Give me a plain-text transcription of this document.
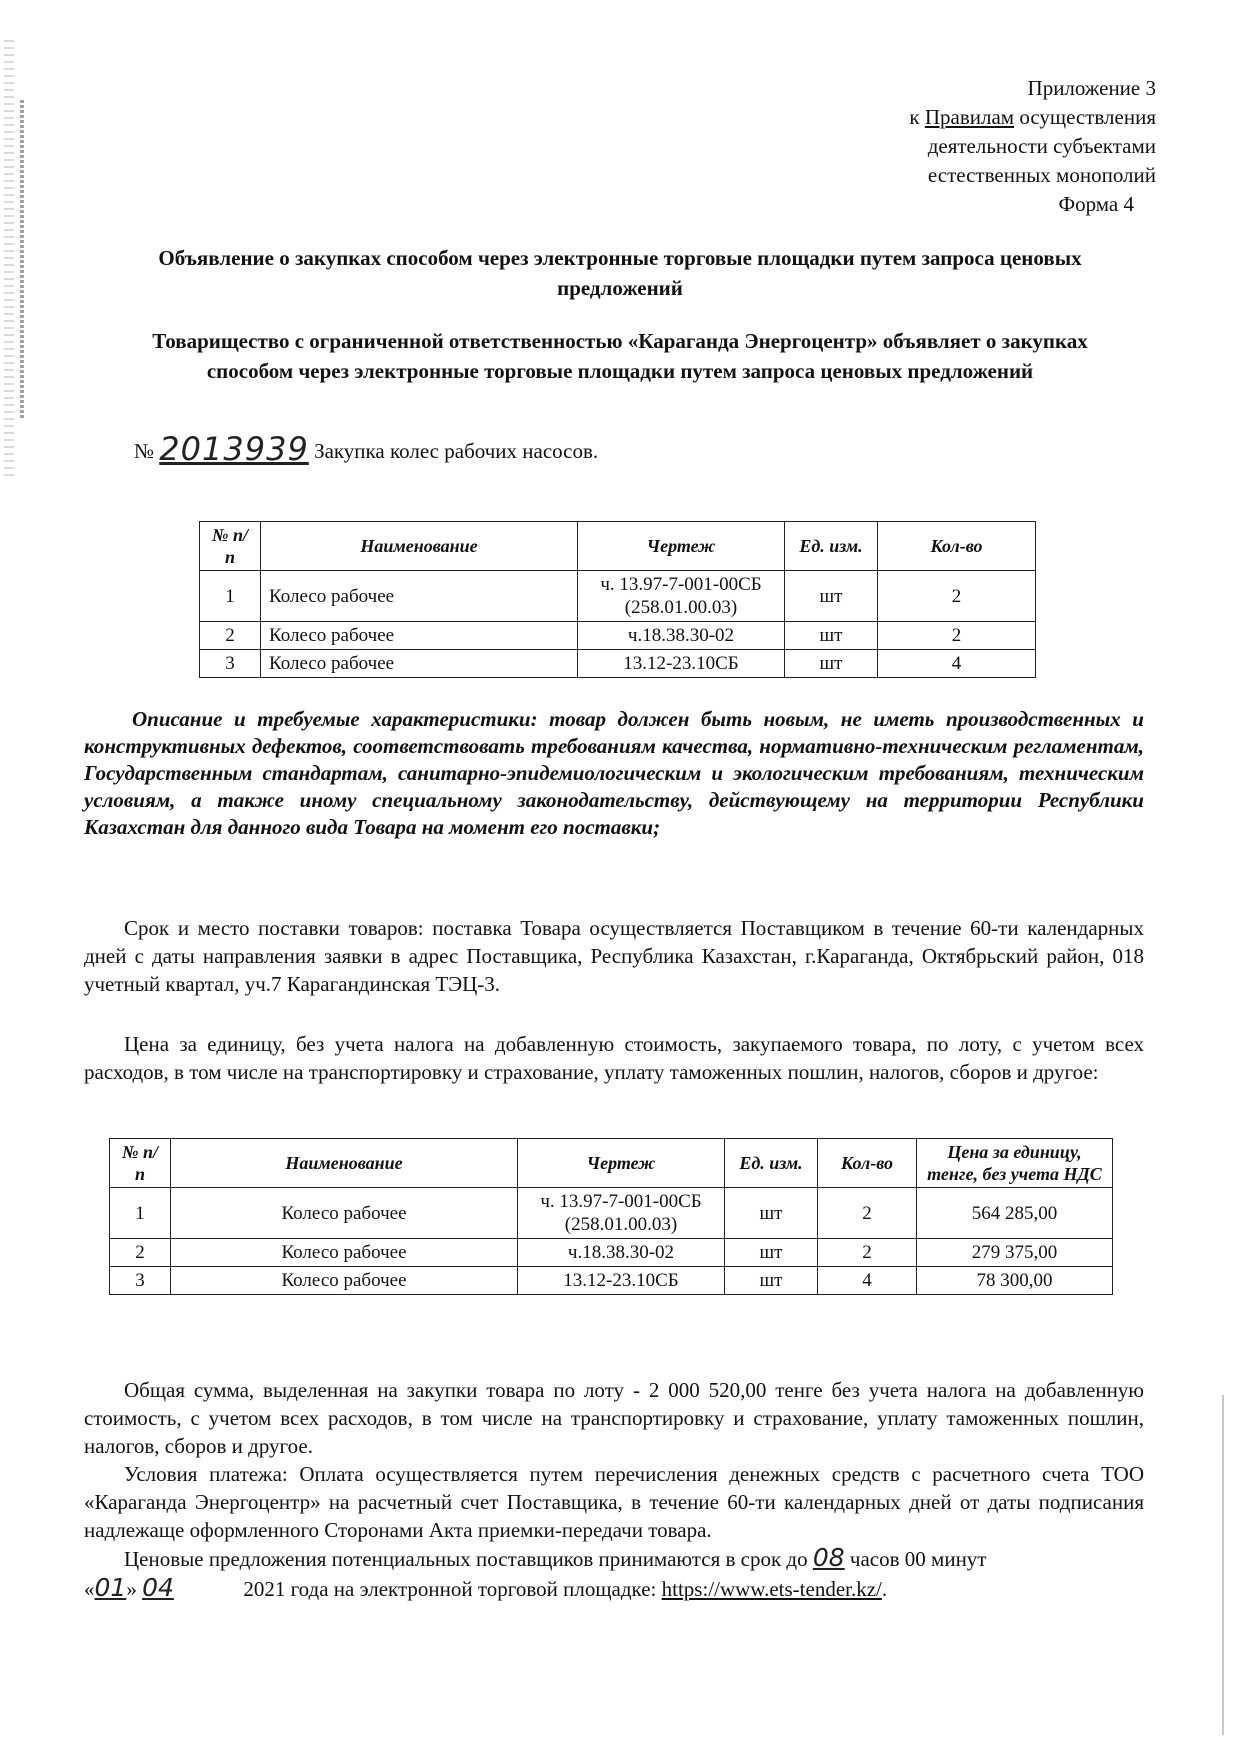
Приложение 3
к Правилам осуществления
деятельности субъектами
естественных монополий
Форма 4
Объявление о закупках способом через электронные торговые площадки путем запроса ценовых предложений
Товарищество с ограниченной ответственностью «Караганда Энергоцентр» объявляет о закупках способом через электронные торговые площадки путем запроса ценовых предложений
№ 2013939 Закупка колес рабочих насосов.
№ п/п	Наименование	Чертеж	Ед. изм.	Кол-во
1	Колесо рабочее	ч. 13.97-7-001-00СБ (258.01.00.03)	шт	2
2	Колесо рабочее	ч.18.38.30-02	шт	2
3	Колесо рабочее	13.12-23.10СБ	шт	4
Описание и требуемые характеристики: товар должен быть новым, не иметь производственных и конструктивных дефектов, соответствовать требованиям качества, нормативно-техническим регламентам, Государственным стандартам, санитарно-эпидемиологическим и экологическим требованиям, техническим условиям, а также иному специальному законодательству, действующему на территории Республики Казахстан для данного вида Товара на момент его поставки;
Срок и место поставки товаров: поставка Товара осуществляется Поставщиком в течение 60-ти календарных дней с даты направления заявки в адрес Поставщика, Республика Казахстан, г.Караганда, Октябрьский район, 018 учетный квартал, уч.7 Карагандинская ТЭЦ-3.
Цена за единицу, без учета налога на добавленную стоимость, закупаемого товара, по лоту, с учетом всех расходов, в том числе на транспортировку и страхование, уплату таможенных пошлин, налогов, сборов и другое:
№ п/п	Наименование	Чертеж	Ед. изм.	Кол-во	Цена за единицу, тенге, без учета НДС
1	Колесо рабочее	ч. 13.97-7-001-00СБ (258.01.00.03)	шт	2	564 285,00
2	Колесо рабочее	ч.18.38.30-02	шт	2	279 375,00
3	Колесо рабочее	13.12-23.10СБ	шт	4	78 300,00
Общая сумма, выделенная на закупки товара по лоту - 2 000 520,00 тенге без учета налога на добавленную стоимость, с учетом всех расходов, в том числе на транспортировку и страхование, уплату таможенных пошлин, налогов, сборов и другое.
Условия платежа: Оплата осуществляется путем перечисления денежных средств с расчетного счета ТОО «Караганда Энергоцентр» на расчетный счет Поставщика, в течение 60-ти календарных дней от даты подписания надлежаще оформленного Сторонами Акта приемки-передачи товара.
Ценовые предложения потенциальных поставщиков принимаются в срок до 08 часов 00 минут
«01» 04	2021 года на электронной торговой площадке: https://www.ets-tender.kz/.
